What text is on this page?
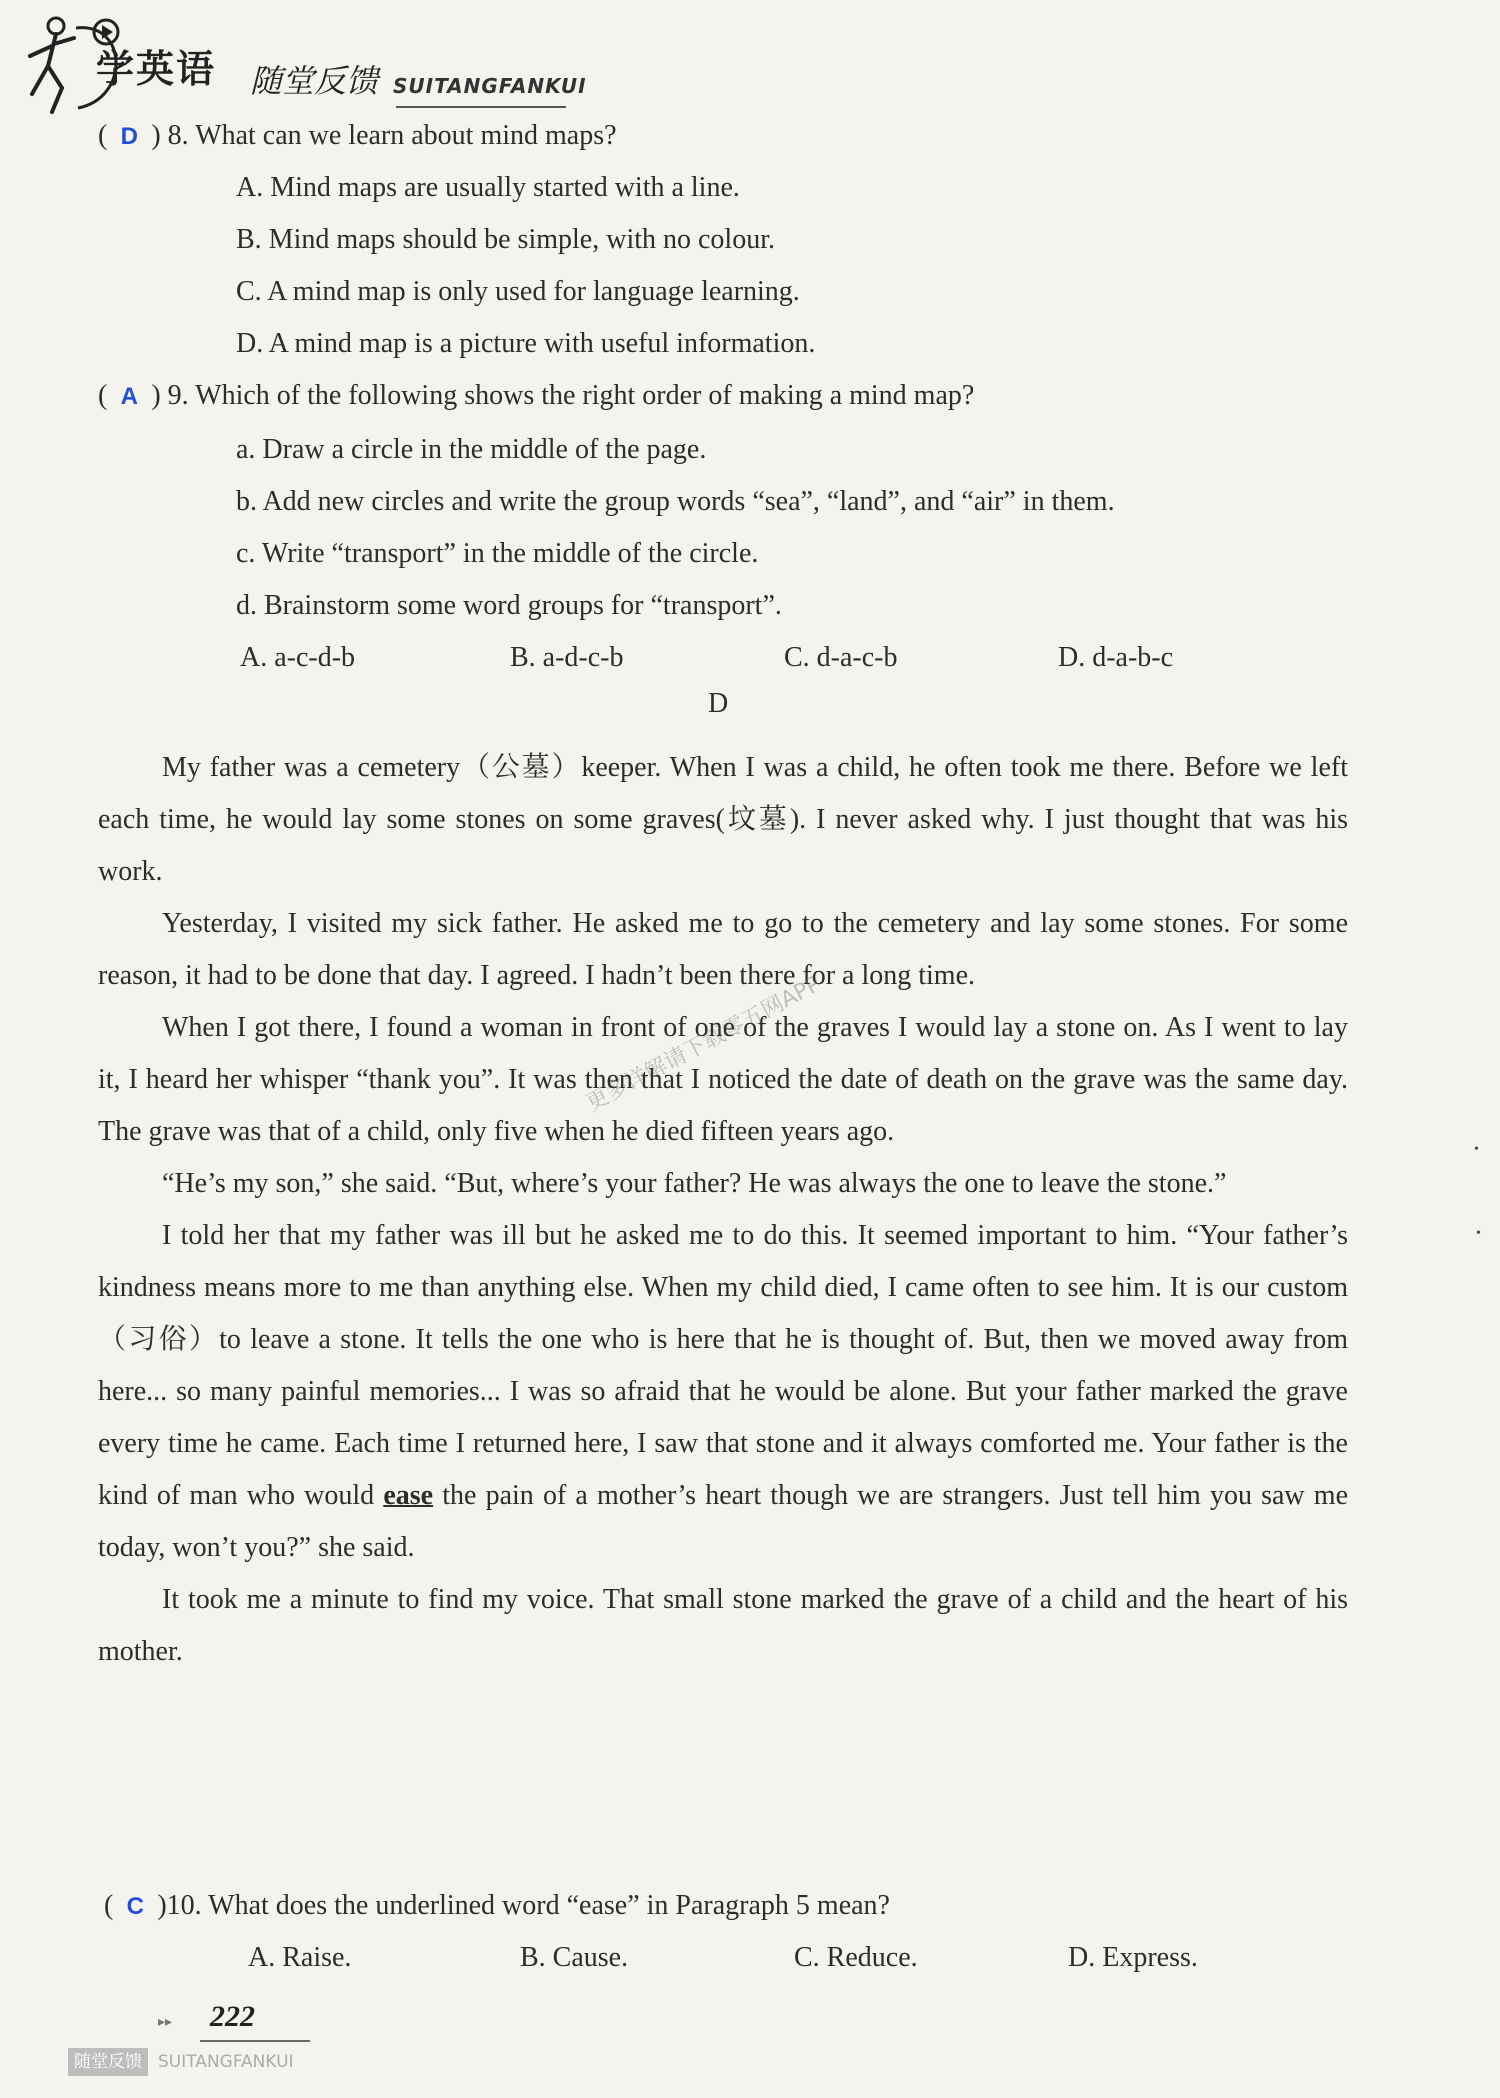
学英语 随堂反馈 SUITANGFANKUI
( D ) 8. What can we learn about mind maps?
A. Mind maps are usually started with a line.
B. Mind maps should be simple, with no colour.
C. A mind map is only used for language learning.
D. A mind map is a picture with useful information.
( A ) 9. Which of the following shows the right order of making a mind map?
a. Draw a circle in the middle of the page.
b. Add new circles and write the group words “sea”, “land”, and “air” in them.
c. Write “transport” in the middle of the circle.
d. Brainstorm some word groups for “transport”.
A. a-c-d-b	B. a-d-c-b	C. d-a-c-b	D. d-a-b-c
D

My father was a cemetery（公墓）keeper. When I was a child, he often took me there. Before we left each time, he would lay some stones on some graves(坟墓). I never asked why. I just thought that was his work.

Yesterday, I visited my sick father. He asked me to go to the cemetery and lay some stones. For some reason, it had to be done that day. I agreed. I hadn’t been there for a long time.

When I got there, I found a woman in front of one of the graves I would lay a stone on. As I went to lay it, I heard her whisper “thank you”. It was then that I noticed the date of death on the grave was the same day. The grave was that of a child, only five when he died fifteen years ago.

“He’s my son,” she said. “But, where’s your father? He was always the one to leave the stone.”

I told her that my father was ill but he asked me to do this. It seemed important to him. “Your father’s kindness means more to me than anything else. When my child died, I came often to see him. It is our custom（习俗）to leave a stone. It tells the one who is here that he is thought of. But, then we moved away from here... so many painful memories... I was so afraid that he would be alone. But your father marked the grave every time he came. Each time I returned here, I saw that stone and it always comforted me. Your father is the kind of man who would ease the pain of a mother’s heart though we are strangers. Just tell him you saw me today, won’t you?” she said.

It took me a minute to find my voice. That small stone marked the grave of a child and the heart of his mother.

更多详解请下载零五网APP
( C )10. What does the underlined word “ease” in Paragraph 5 mean?
A. Raise.	B. Cause.	C. Reduce.	D. Express.
•
•
▸▸ 222
随堂反馈 SUITANGFANKUI
